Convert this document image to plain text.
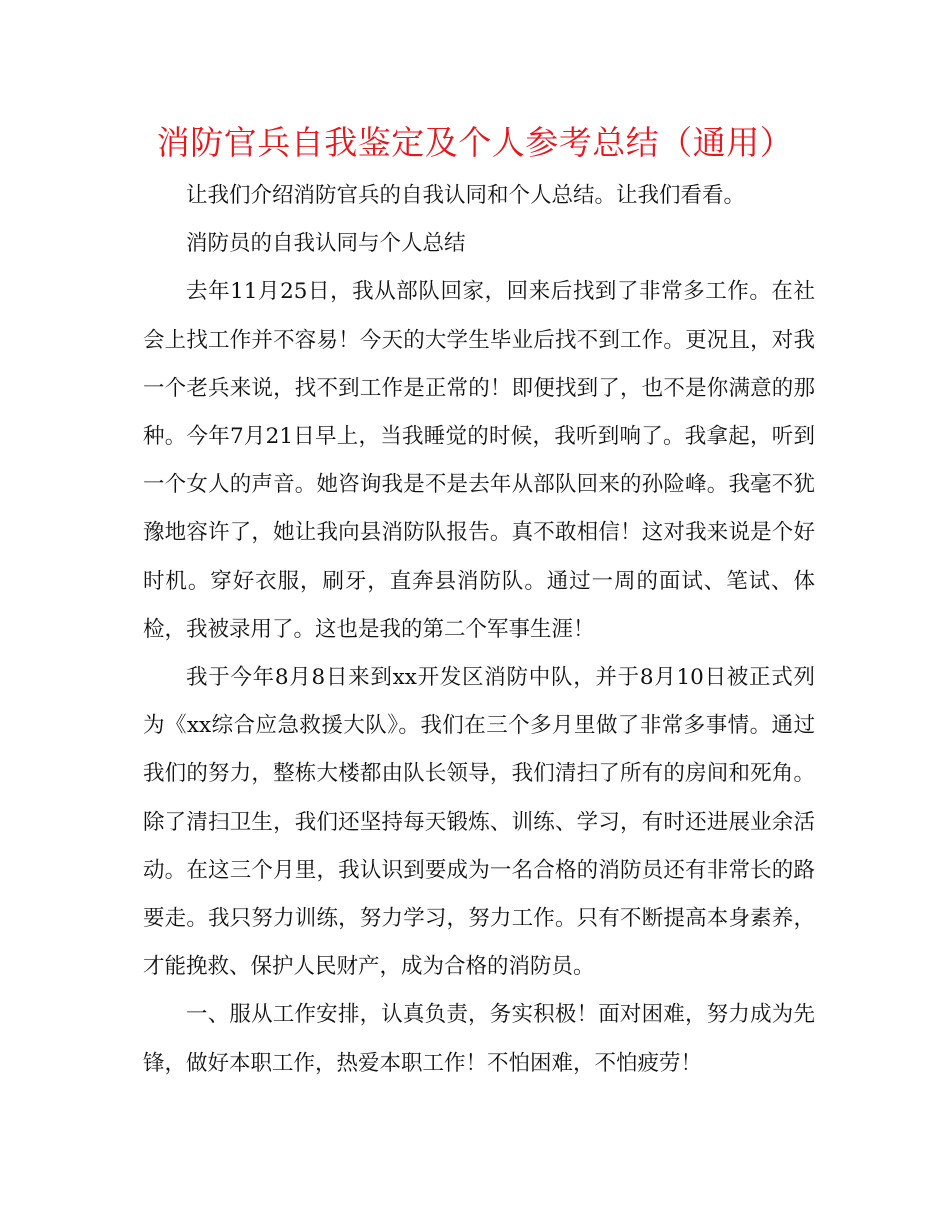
消防官兵自我鉴定及个人参考总结（通用）

让我们介绍消防官兵的自我认同和个人总结。让我们看看。

消防员的自我认同与个人总结

去年11月25日，我从部队回家，回来后找到了非常多工作。在社会上找工作并不容易！今天的大学生毕业后找不到工作。更况且，对我一个老兵来说，找不到工作是正常的！即便找到了，也不是你满意的那种。今年7月21日早上，当我睡觉的时候，我听到响了。我拿起，听到一个女人的声音。她咨询我是不是去年从部队回来的孙险峰。我毫不犹豫地容许了，她让我向县消防队报告。真不敢相信！这对我来说是个好时机。穿好衣服，刷牙，直奔县消防队。通过一周的面试、笔试、体检，我被录用了。这也是我的第二个军事生涯！

我于今年8月8日来到xx开发区消防中队，并于8月10日被正式列为《xx综合应急救援大队》。我们在三个多月里做了非常多事情。通过我们的努力，整栋大楼都由队长领导，我们清扫了所有的房间和死角。除了清扫卫生，我们还坚持每天锻炼、训练、学习，有时还进展业余活动。在这三个月里，我认识到要成为一名合格的消防员还有非常长的路要走。我只努力训练，努力学习，努力工作。只有不断提高本身素养，才能挽救、保护人民财产，成为合格的消防员。

一、服从工作安排，认真负责，务实积极！面对困难，努力成为先锋，做好本职工作，热爱本职工作！不怕困难，不怕疲劳！
